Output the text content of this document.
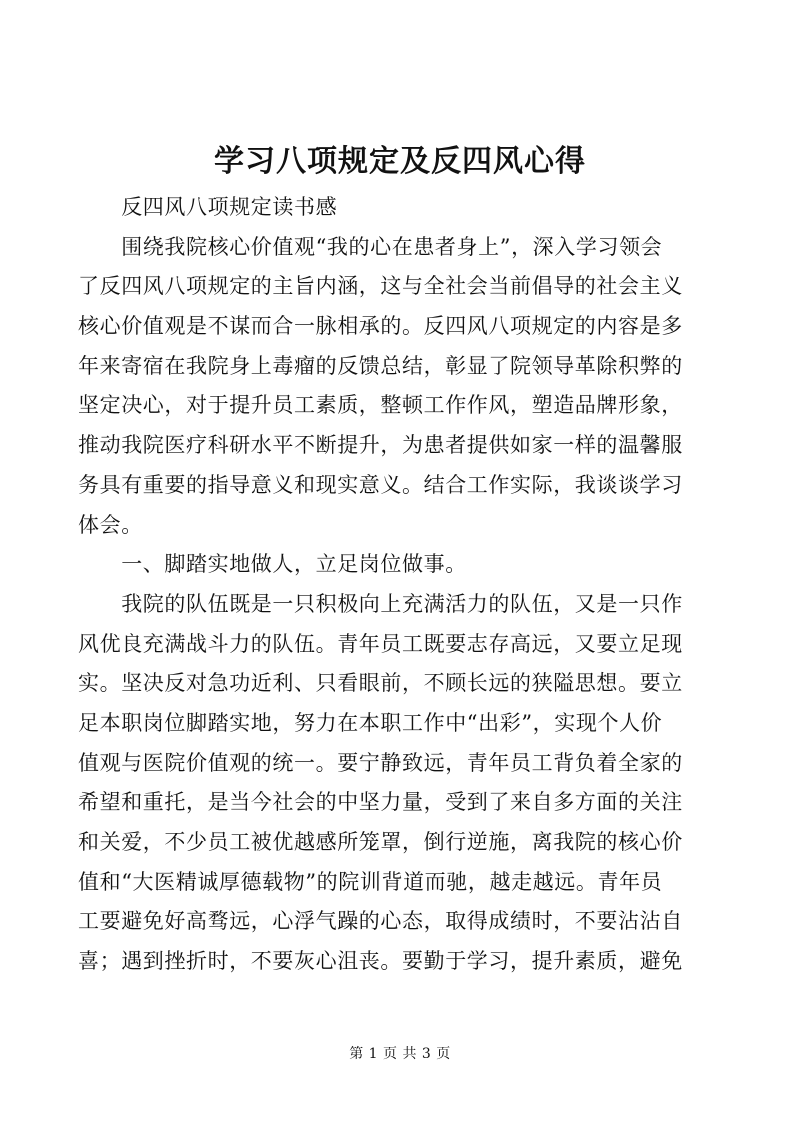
学习八项规定及反四风心得
　　反四风八项规定读书感
　　围绕我院核心价值观“我的心在患者身上”，深入学习领会
了反四风八项规定的主旨内涵，这与全社会当前倡导的社会主义
核心价值观是不谋而合一脉相承的。反四风八项规定的内容是多
年来寄宿在我院身上毒瘤的反馈总结，彰显了院领导革除积弊的
坚定决心，对于提升员工素质，整顿工作作风，塑造品牌形象，
推动我院医疗科研水平不断提升，为患者提供如家一样的温馨服
务具有重要的指导意义和现实意义。结合工作实际，我谈谈学习
体会。
　　一、脚踏实地做人，立足岗位做事。
　　我院的队伍既是一只积极向上充满活力的队伍，又是一只作
风优良充满战斗力的队伍。青年员工既要志存高远，又要立足现
实。坚决反对急功近利、只看眼前，不顾长远的狭隘思想。要立
足本职岗位脚踏实地，努力在本职工作中“出彩”，实现个人价
值观与医院价值观的统一。要宁静致远，青年员工背负着全家的
希望和重托，是当今社会的中坚力量，受到了来自多方面的关注
和关爱，不少员工被优越感所笼罩，倒行逆施，离我院的核心价
值和“大医精诚厚德载物”的院训背道而驰，越走越远。青年员
工要避免好高骛远，心浮气躁的心态，取得成绩时，不要沾沾自
喜；遇到挫折时，不要灰心沮丧。要勤于学习，提升素质，避免
第 1 页 共 3 页
